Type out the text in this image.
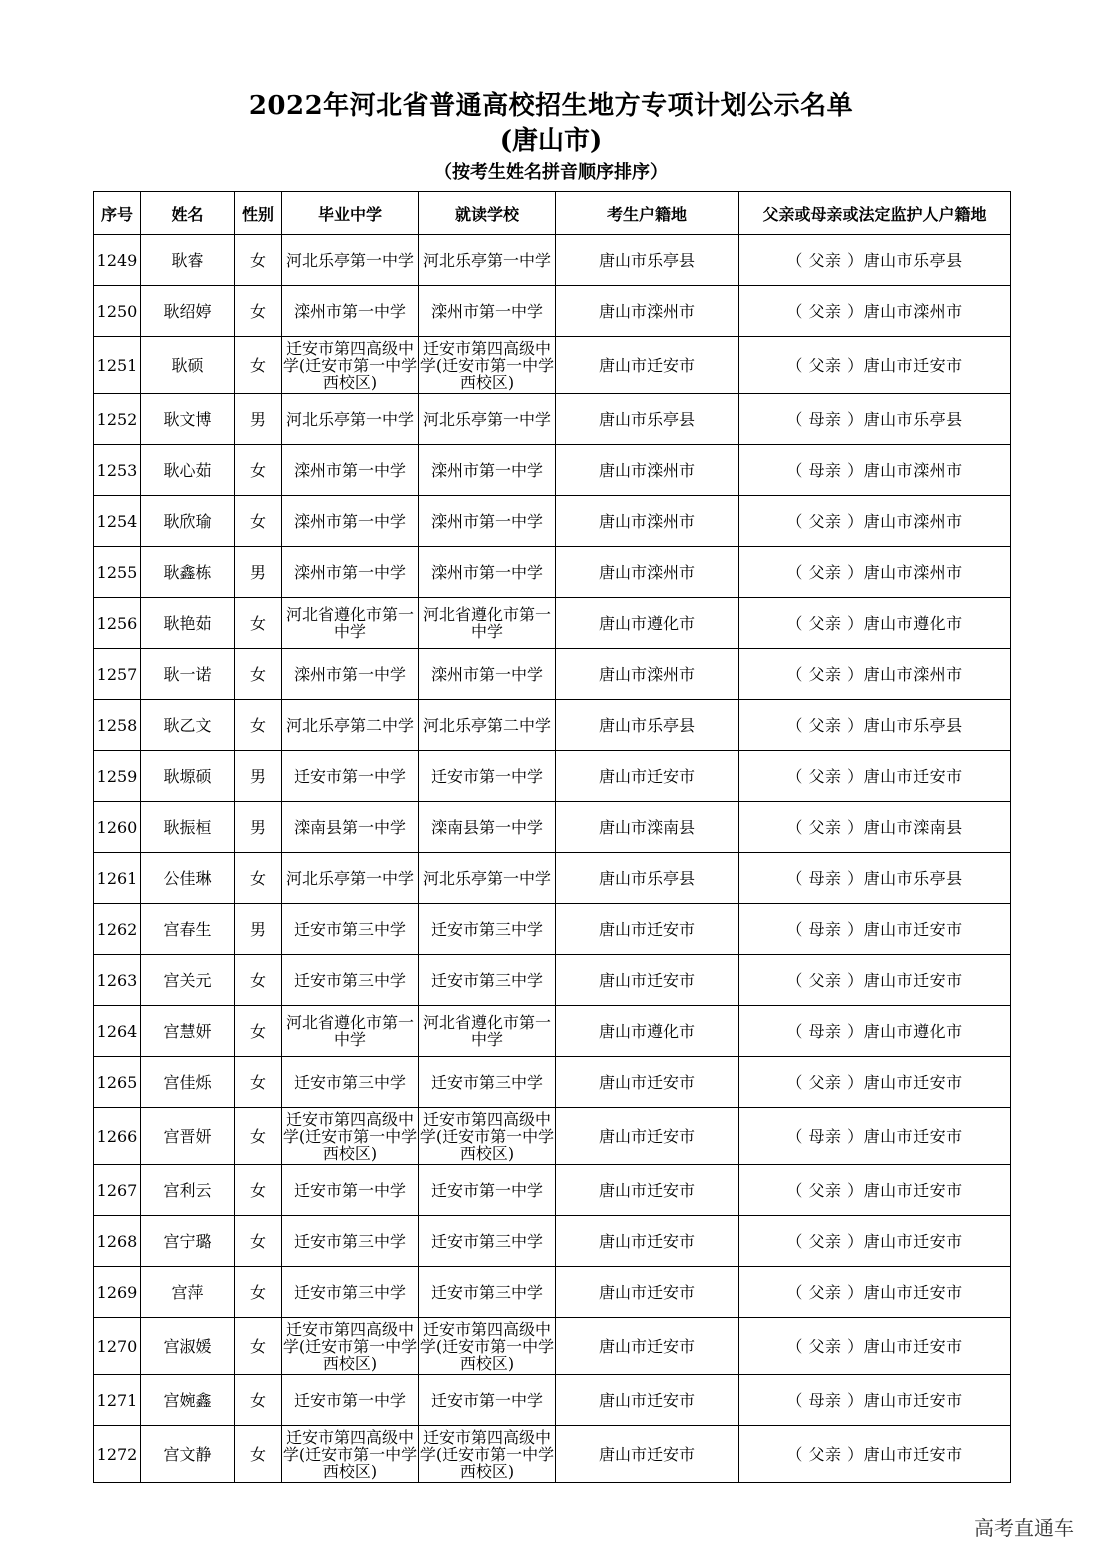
2022年河北省普通高校招生地方专项计划公示名单
(唐山市)
（按考生姓名拼音顺序排序）
序号	姓名	性别	毕业中学	就读学校	考生户籍地	父亲或母亲或法定监护人户籍地
1249	耿睿	女	河北乐亭第一中学	河北乐亭第一中学	唐山市乐亭县	（ 父亲 ）唐山市乐亭县
1250	耿绍婷	女	滦州市第一中学	滦州市第一中学	唐山市滦州市	（ 父亲 ）唐山市滦州市
1251	耿硕	女	迁安市第四高级中学(迁安市第一中学西校区)	迁安市第四高级中学(迁安市第一中学西校区)	唐山市迁安市	（ 父亲 ）唐山市迁安市
1252	耿文博	男	河北乐亭第一中学	河北乐亭第一中学	唐山市乐亭县	（ 母亲 ）唐山市乐亭县
1253	耿心茹	女	滦州市第一中学	滦州市第一中学	唐山市滦州市	（ 母亲 ）唐山市滦州市
1254	耿欣瑜	女	滦州市第一中学	滦州市第一中学	唐山市滦州市	（ 父亲 ）唐山市滦州市
1255	耿鑫栋	男	滦州市第一中学	滦州市第一中学	唐山市滦州市	（ 父亲 ）唐山市滦州市
1256	耿艳茹	女	河北省遵化市第一中学	河北省遵化市第一中学	唐山市遵化市	（ 父亲 ）唐山市遵化市
1257	耿一诺	女	滦州市第一中学	滦州市第一中学	唐山市滦州市	（ 父亲 ）唐山市滦州市
1258	耿乙文	女	河北乐亭第二中学	河北乐亭第二中学	唐山市乐亭县	（ 父亲 ）唐山市乐亭县
1259	耿塬硕	男	迁安市第一中学	迁安市第一中学	唐山市迁安市	（ 父亲 ）唐山市迁安市
1260	耿振桓	男	滦南县第一中学	滦南县第一中学	唐山市滦南县	（ 父亲 ）唐山市滦南县
1261	公佳琳	女	河北乐亭第一中学	河北乐亭第一中学	唐山市乐亭县	（ 母亲 ）唐山市乐亭县
1262	宫春生	男	迁安市第三中学	迁安市第三中学	唐山市迁安市	（ 母亲 ）唐山市迁安市
1263	宫关元	女	迁安市第三中学	迁安市第三中学	唐山市迁安市	（ 父亲 ）唐山市迁安市
1264	宫慧妍	女	河北省遵化市第一中学	河北省遵化市第一中学	唐山市遵化市	（ 母亲 ）唐山市遵化市
1265	宫佳烁	女	迁安市第三中学	迁安市第三中学	唐山市迁安市	（ 父亲 ）唐山市迁安市
1266	宫晋妍	女	迁安市第四高级中学(迁安市第一中学西校区)	迁安市第四高级中学(迁安市第一中学西校区)	唐山市迁安市	（ 母亲 ）唐山市迁安市
1267	宫利云	女	迁安市第一中学	迁安市第一中学	唐山市迁安市	（ 父亲 ）唐山市迁安市
1268	宫宁璐	女	迁安市第三中学	迁安市第三中学	唐山市迁安市	（ 父亲 ）唐山市迁安市
1269	宫萍	女	迁安市第三中学	迁安市第三中学	唐山市迁安市	（ 父亲 ）唐山市迁安市
1270	宫淑媛	女	迁安市第四高级中学(迁安市第一中学西校区)	迁安市第四高级中学(迁安市第一中学西校区)	唐山市迁安市	（ 父亲 ）唐山市迁安市
1271	宫婉鑫	女	迁安市第一中学	迁安市第一中学	唐山市迁安市	（ 母亲 ）唐山市迁安市
1272	宫文静	女	迁安市第四高级中学(迁安市第一中学西校区)	迁安市第四高级中学(迁安市第一中学西校区)	唐山市迁安市	（ 父亲 ）唐山市迁安市
高考直通车
